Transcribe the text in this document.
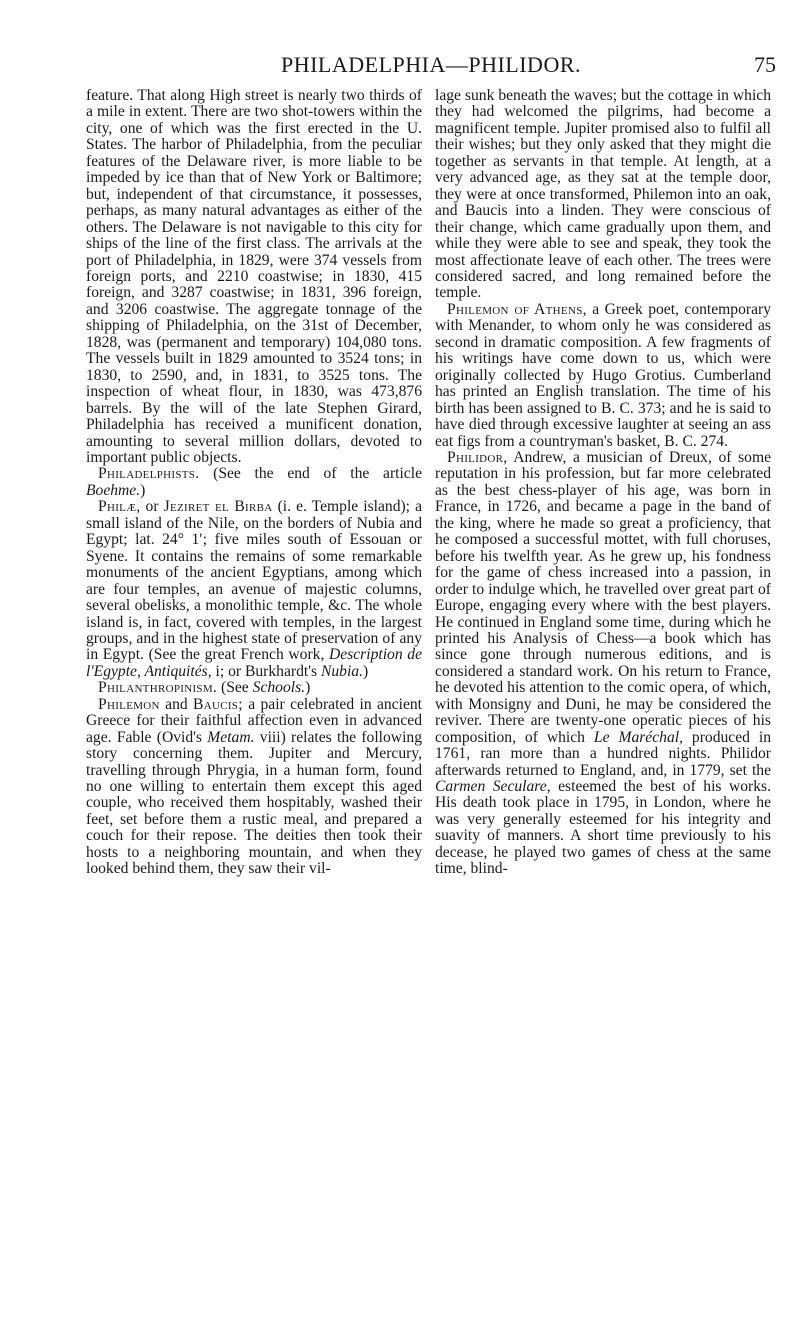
PHILADELPHIA—PHILIDOR.	75

feature. That along High street is nearly two thirds of a mile in extent. There are two shot-towers within the city, one of which was the first erected in the U. States. The harbor of Philadelphia, from the peculiar features of the Delaware river, is more liable to be impeded by ice than that of New York or Baltimore; but, independent of that circumstance, it possesses, perhaps, as many natural advantages as either of the others. The Delaware is not navigable to this city for ships of the line of the first class. The arrivals at the port of Philadelphia, in 1829, were 374 vessels from foreign ports, and 2210 coastwise; in 1830, 415 foreign, and 3287 coastwise; in 1831, 396 foreign, and 3206 coastwise. The aggregate tonnage of the shipping of Philadelphia, on the 31st of December, 1828, was (permanent and temporary) 104,080 tons. The vessels built in 1829 amounted to 3524 tons; in 1830, to 2590, and, in 1831, to 3525 tons. The inspection of wheat flour, in 1830, was 473,876 barrels. By the will of the late Stephen Girard, Philadelphia has received a munificent donation, amounting to several million dollars, devoted to important public objects.

Philadelphists. (See the end of the article Boehme.)

Philæ, or Jeziret el Birba (i. e. Temple island); a small island of the Nile, on the borders of Nubia and Egypt; lat. 24° 1′; five miles south of Essouan or Syene. It contains the remains of some remarkable monuments of the ancient Egyptians, among which are four temples, an avenue of majestic columns, several obelisks, a monolithic temple, &c. The whole island is, in fact, covered with temples, in the largest groups, and in the highest state of preservation of any in Egypt. (See the great French work, Description de l'Egypte, Antiquités, i; or Burkhardt's Nubia.)

Philanthropinism. (See Schools.)

Philemon and Baucis; a pair celebrated in ancient Greece for their faithful affection even in advanced age. Fable (Ovid's Metam. viii) relates the following story concerning them. Jupiter and Mercury, travelling through Phrygia, in a human form, found no one willing to entertain them except this aged couple, who received them hospitably, washed their feet, set before them a rustic meal, and prepared a couch for their repose. The deities then took their hosts to a neighboring mountain, and when they looked behind them, they saw their vil-

lage sunk beneath the waves; but the cottage in which they had welcomed the pilgrims, had become a magnificent temple. Jupiter promised also to fulfil all their wishes; but they only asked that they might die together as servants in that temple. At length, at a very advanced age, as they sat at the temple door, they were at once transformed, Philemon into an oak, and Baucis into a linden. They were conscious of their change, which came gradually upon them, and while they were able to see and speak, they took the most affectionate leave of each other. The trees were considered sacred, and long remained before the temple.

Philemon of Athens, a Greek poet, contemporary with Menander, to whom only he was considered as second in dramatic composition. A few fragments of his writings have come down to us, which were originally collected by Hugo Grotius. Cumberland has printed an English translation. The time of his birth has been assigned to B. C. 373; and he is said to have died through excessive laughter at seeing an ass eat figs from a countryman's basket, B. C. 274.

Philidor, Andrew, a musician of Dreux, of some reputation in his profession, but far more celebrated as the best chess-player of his age, was born in France, in 1726, and became a page in the band of the king, where he made so great a proficiency, that he composed a successful mottet, with full choruses, before his twelfth year. As he grew up, his fondness for the game of chess increased into a passion, in order to indulge which, he travelled over great part of Europe, engaging every where with the best players. He continued in England some time, during which he printed his Analysis of Chess—a book which has since gone through numerous editions, and is considered a standard work. On his return to France, he devoted his attention to the comic opera, of which, with Monsigny and Duni, he may be considered the reviver. There are twenty-one operatic pieces of his composition, of which Le Maréchal, produced in 1761, ran more than a hundred nights. Philidor afterwards returned to England, and, in 1779, set the Carmen Seculare, esteemed the best of his works. His death took place in 1795, in London, where he was very generally esteemed for his integrity and suavity of manners. A short time previously to his decease, he played two games of chess at the same time, blind-
